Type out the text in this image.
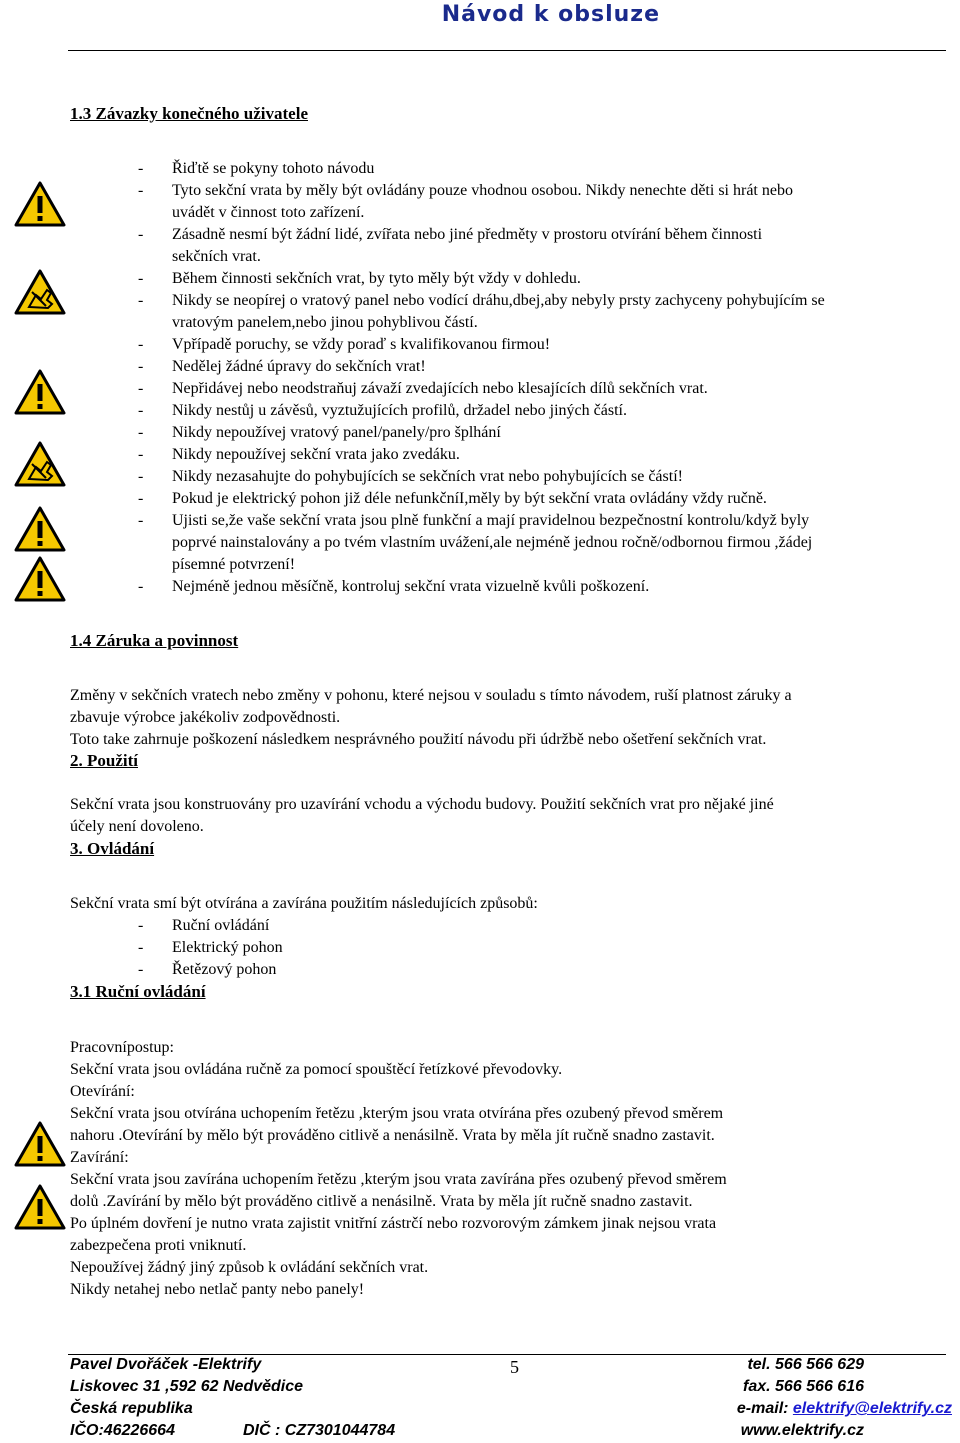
Návod k obsluze
1.3 Závazky konečného uživatele
- Řiďtě se pokyny tohoto návodu
- Tyto sekční vrata by měly být ovládány pouze vhodnou osobou. Nikdy nenechte děti si hrát nebo
uvádět v činnost toto zařízení.
- Zásadně nesmí být žádní lidé, zvířata nebo jiné předměty v prostoru otvírání během činnosti
sekčních vrat.
- Během činnosti sekčních vrat, by tyto měly být vždy v dohledu.
- Nikdy se neopírej o vratový panel nebo vodící dráhu,dbej,aby nebyly prsty zachyceny pohybujícím se
vratovým panelem,nebo jinou pohyblivou částí.
- Vpřípadě poruchy, se vždy poraď s kvalifikovanou firmou!
- Nedělej žádné úpravy do sekčních vrat!
- Nepřidávej nebo neodstraňuj závaží zvedajících nebo klesajících dílů sekčních vrat.
- Nikdy nestůj u závěsů, vyztužujících profilů, držadel nebo jiných částí.
- Nikdy nepoužívej vratový panel/panely/pro šplhání
- Nikdy nepoužívej sekční vrata jako zvedáku.
- Nikdy nezasahujte do pohybujících se sekčních vrat nebo pohybujících se částí!
- Pokud je elektrický pohon již déle nefunkčníI,měly by být sekční vrata ovládány vždy ručně.
- Ujisti se,že vaše sekční vrata jsou plně funkční a mají pravidelnou bezpečnostní kontrolu/když byly
poprvé nainstalovány a po tvém vlastním uvážení,ale nejméně jednou ročně/odbornou firmou ,žádej
písemné potvrzení!
- Nejméně jednou měsíčně, kontroluj sekční vrata vizuelně kvůli poškození.
1.4 Záruka a povinnost
Změny v sekčních vratech nebo změny v pohonu, které nejsou v souladu s tímto návodem, ruší platnost záruky a
zbavuje výrobce jakékoliv zodpovědnosti.
Toto take zahrnuje poškození následkem nesprávného použití návodu při údržbě nebo ošetření sekčních vrat.
2. Použití
Sekční vrata jsou konstruovány pro uzavírání vchodu a východu budovy. Použití sekčních vrat pro nějaké jiné
účely není dovoleno.
3. Ovládání
Sekční vrata smí být otvírána a zavírána použitím následujících způsobů:
- Ruční ovládání
- Elektrický pohon
- Řetězový pohon
3.1 Ruční ovládání
Pracovnípostup:
Sekční vrata jsou ovládána ručně za pomocí spouštěcí řetízkové převodovky.
Otevírání:
Sekční vrata jsou otvírána uchopením řetězu ,kterým jsou vrata otvírána přes ozubený převod směrem
nahoru .Otevírání by mělo být prováděno citlivě a nenásilně. Vrata by měla jít ručně snadno zastavit.
Zavírání:
Sekční vrata jsou zavírána uchopením řetězu ,kterým jsou vrata zavírána přes ozubený převod směrem
dolů .Zavírání by mělo být prováděno citlivě a nenásilně. Vrata by měla jít ručně snadno zastavit.
Po úplném dovření je nutno vrata zajistit vnitřní zástrčí nebo rozvorovým zámkem jinak nejsou vrata
zabezpečena proti vniknutí.
Nepoužívej žádný jiný způsob k ovládání sekčních vrat.
Nikdy netahej nebo netlač panty nebo panely!
5
Pavel Dvořáček -Elektrify
Liskovec 31 ,592 62 Nedvědice
Česká republika
IČO:46226664	DIČ : CZ7301044784
tel. 566 566 629
fax. 566 566 616
e-mail: elektrify@elektrify.cz
www.elektrify.cz
